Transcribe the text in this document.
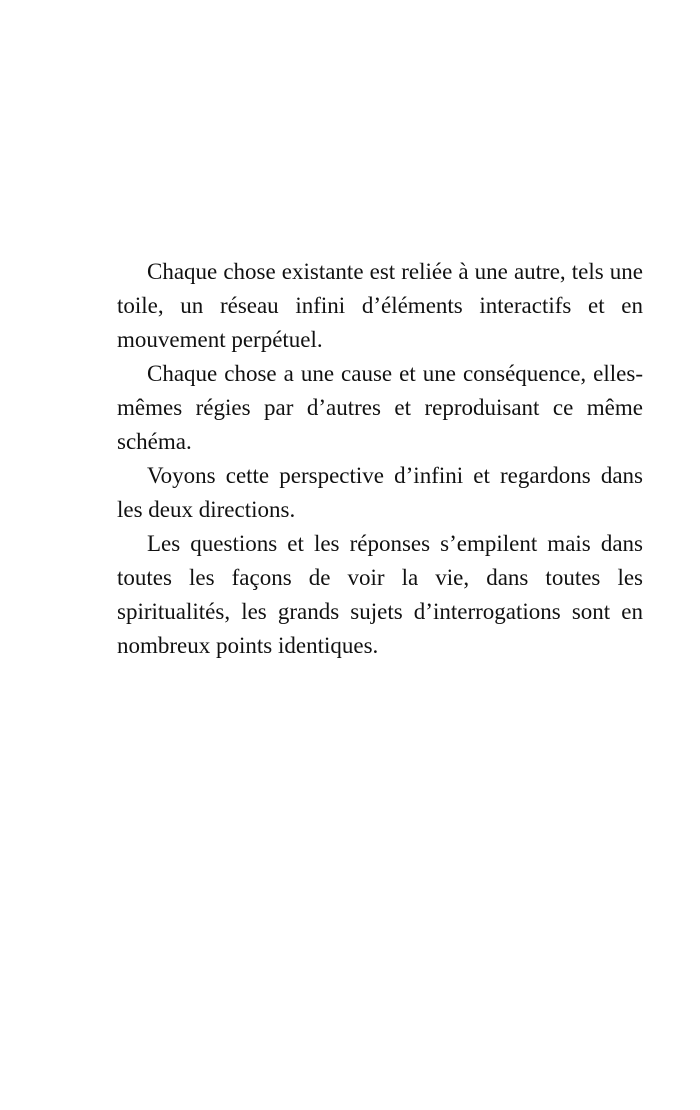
Chaque chose existante est reliée à une autre, tels une toile, un réseau infini d’éléments interactifs et en mouvement perpétuel.

Chaque chose a une cause et une conséquence, elles-mêmes régies par d’autres et reproduisant ce même schéma.

Voyons cette perspective d’infini et regardons dans les deux directions.

Les questions et les réponses s’empilent mais dans toutes les façons de voir la vie, dans toutes les spiritualités, les grands sujets d’interrogations sont en nombreux points identiques.
